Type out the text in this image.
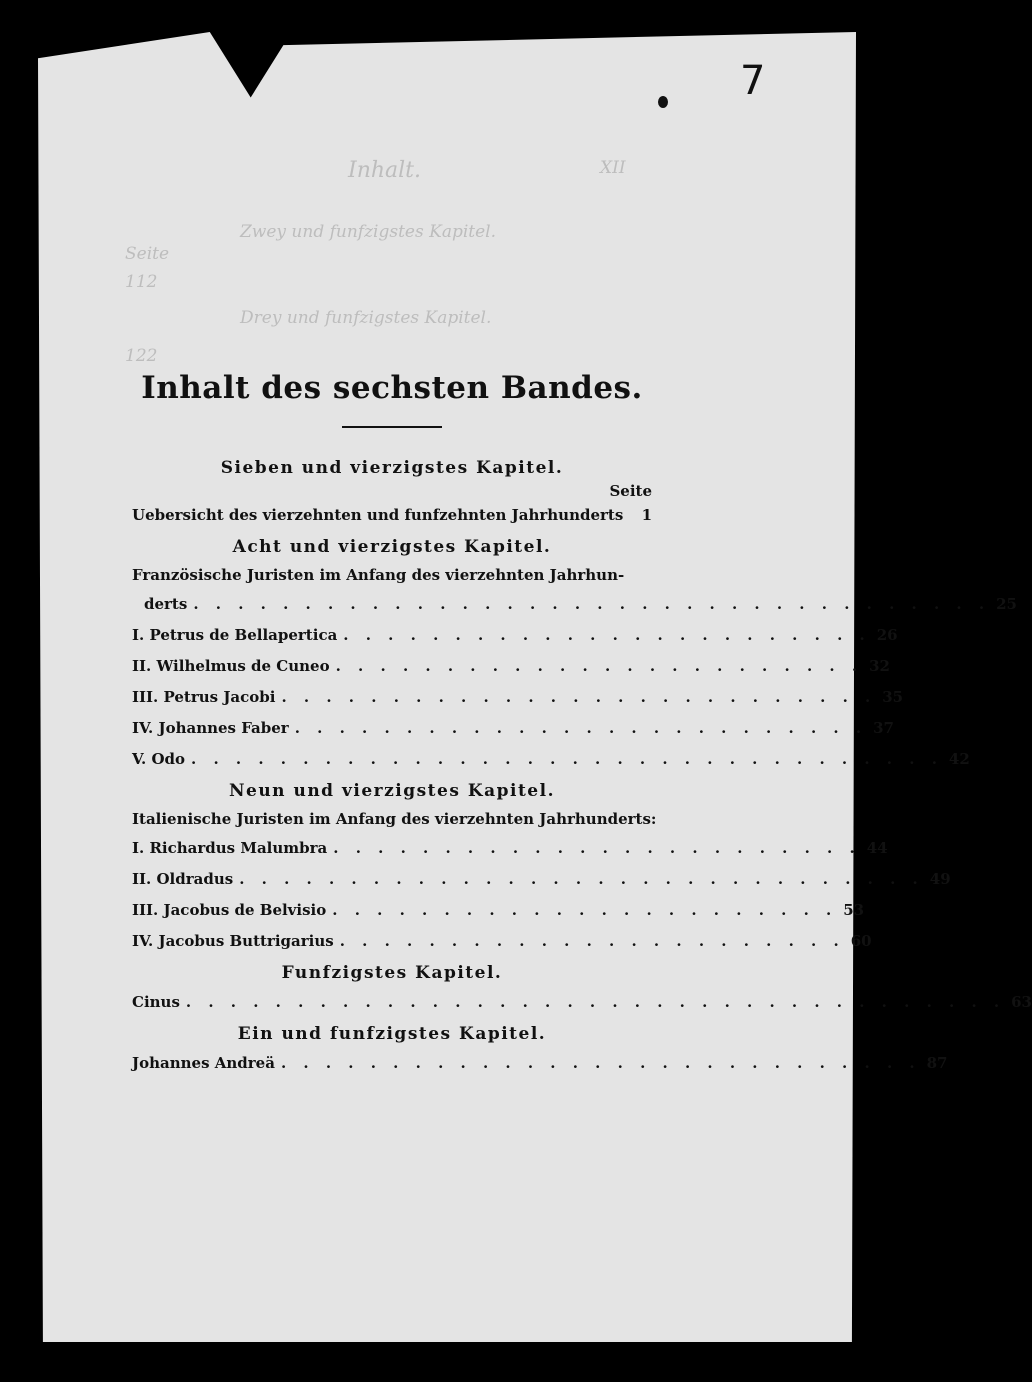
7
XII
Inhalt.
Zwey und funfzigstes Kapitel.
Seite
112
Drey und funfzigstes Kapitel.
122
Inhalt des sechsten Bandes.
Sieben und vierzigstes Kapitel.
Seite
Uebersicht des vierzehnten und funfzehnten Jahrhunderts	1
Acht und vierzigstes Kapitel.
Französische Juristen im Anfang des vierzehnten Jahrhun-
derts . . . . . . . . . . . . . . . . . . . . . . . . . . . . . . . . . . . . 25
I. Petrus de Bellapertica . . . . . . . . . . . . . . . . . . . . . . . . 26
II. Wilhelmus de Cuneo . . . . . . . . . . . . . . . . . . . . . . . . 32
III. Petrus Jacobi . . . . . . . . . . . . . . . . . . . . . . . . . . . 35
IV. Johannes Faber . . . . . . . . . . . . . . . . . . . . . . . . . . 37
V. Odo . . . . . . . . . . . . . . . . . . . . . . . . . . . . . . . . . . 42
Neun und vierzigstes Kapitel.
Italienische Juristen im Anfang des vierzehnten Jahrhunderts:
I. Richardus Malumbra . . . . . . . . . . . . . . . . . . . . . . . . 44
II. Oldradus . . . . . . . . . . . . . . . . . . . . . . . . . . . . . . . 49
III. Jacobus de Belvisio . . . . . . . . . . . . . . . . . . . . . . . 53
IV. Jacobus Buttrigarius . . . . . . . . . . . . . . . . . . . . . . . 60
Funfzigstes Kapitel.
Cinus . . . . . . . . . . . . . . . . . . . . . . . . . . . . . . . . . . . . . 63
Ein und funfzigstes Kapitel.
Johannes Andreä . . . . . . . . . . . . . . . . . . . . . . . . . . . . . 87
